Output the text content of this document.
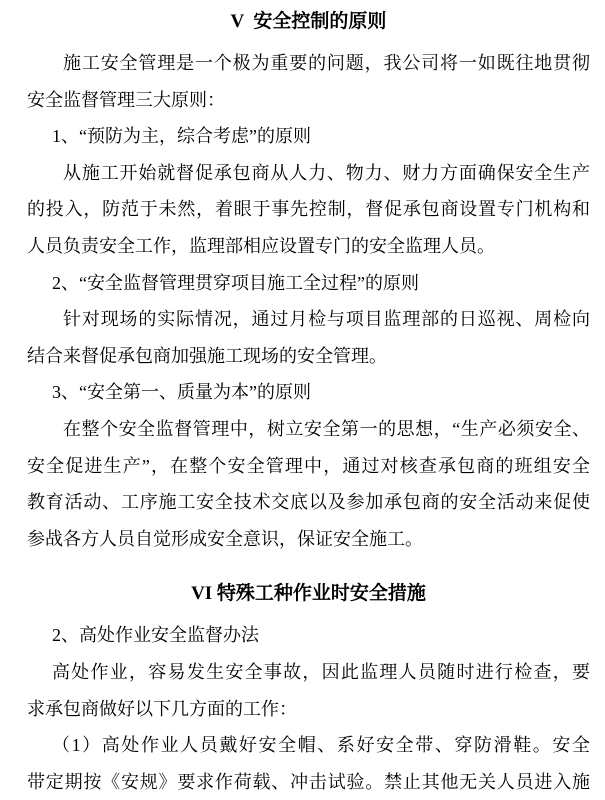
V  安全控制的原则
施工安全管理是一个极为重要的问题，我公司将一如既往地贯彻
安全监督管理三大原则：
1、“预防为主，综合考虑”的原则
从施工开始就督促承包商从人力、物力、财力方面确保安全生产
的投入，防范于未然，着眼于事先控制，督促承包商设置专门机构和
人员负责安全工作，监理部相应设置专门的安全监理人员。
2、“安全监督管理贯穿项目施工全过程”的原则
针对现场的实际情况，通过月检与项目监理部的日巡视、周检向
结合来督促承包商加强施工现场的安全管理。
3、“安全第一、质量为本”的原则
在整个安全监督管理中，树立安全第一的思想，“生产必须安全、
安全促进生产”，在整个安全管理中，通过对核查承包商的班组安全
教育活动、工序施工安全技术交底以及参加承包商的安全活动来促使
参战各方人员自觉形成安全意识，保证安全施工。
VI 特殊工种作业时安全措施
2、高处作业安全监督办法
高处作业，容易发生安全事故，因此监理人员随时进行检查，要
求承包商做好以下几方面的工作：
（1）高处作业人员戴好安全帽、系好安全带、穿防滑鞋。安全
带定期按《安规》要求作荷载、冲击试验。禁止其他无关人员进入施
